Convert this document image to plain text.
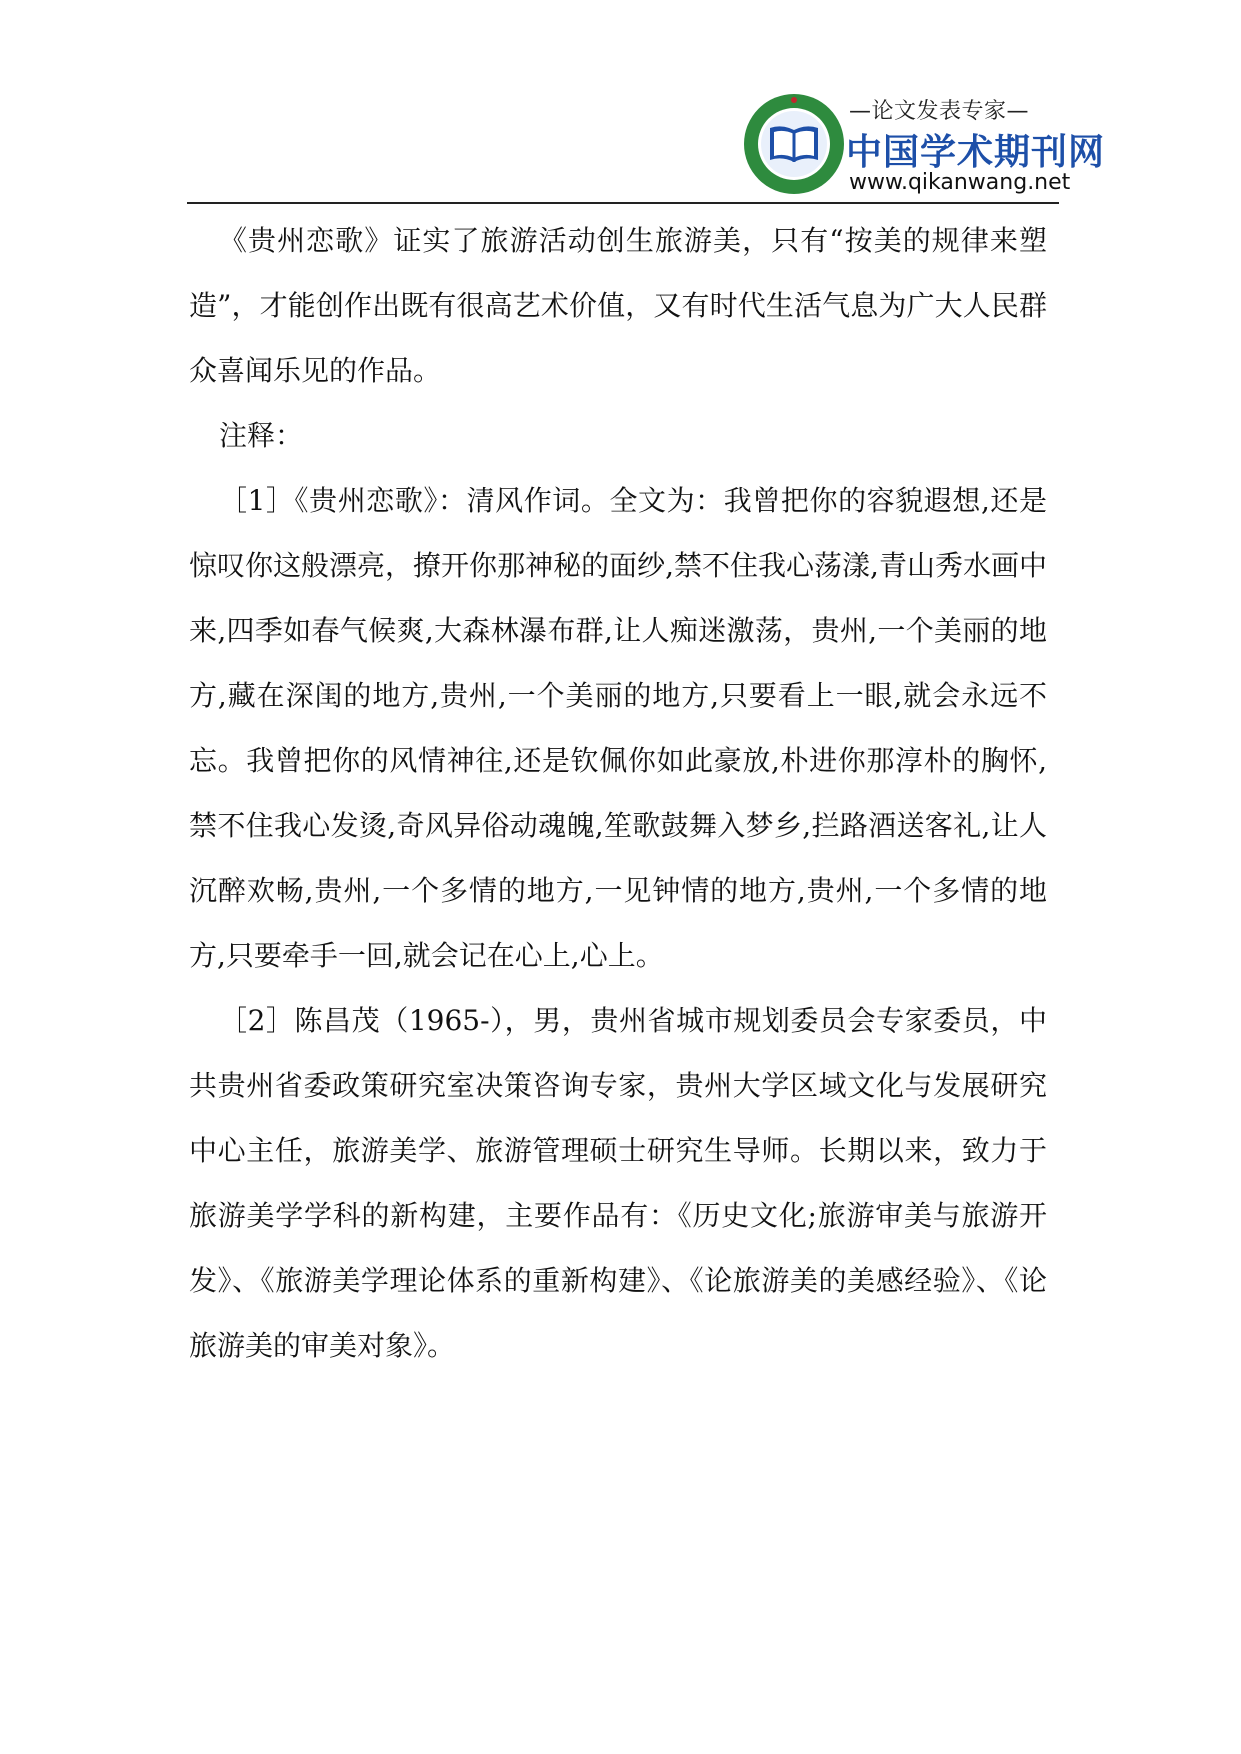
—论文发表专家—
中国学术期刊网
www.qikanwang.net

《贵州恋歌》证实了旅游活动创生旅游美，只有“按美的规律来塑造”，才能创作出既有很高艺术价值，又有时代生活气息为广大人民群众喜闻乐见的作品。

注释：

［1］《贵州恋歌》：清风作词。全文为：我曾把你的容貌遐想,还是惊叹你这般漂亮，撩开你那神秘的面纱,禁不住我心荡漾,青山秀水画中来,四季如春气候爽,大森林瀑布群,让人痴迷激荡，贵州,一个美丽的地方,藏在深闺的地方,贵州,一个美丽的地方,只要看上一眼,就会永远不忘。我曾把你的风情神往,还是钦佩你如此豪放,朴进你那淳朴的胸怀,禁不住我心发烫,奇风异俗动魂魄,笙歌鼓舞入梦乡,拦路酒送客礼,让人沉醉欢畅,贵州,一个多情的地方,一见钟情的地方,贵州,一个多情的地方,只要牵手一回,就会记在心上,心上。

［2］陈昌茂（1965-），男，贵州省城市规划委员会专家委员，中共贵州省委政策研究室决策咨询专家，贵州大学区域文化与发展研究中心主任，旅游美学、旅游管理硕士研究生导师。长期以来，致力于旅游美学学科的新构建，主要作品有：《历史文化;旅游审美与旅游开发》、《旅游美学理论体系的重新构建》、《论旅游美的美感经验》、《论旅游美的审美对象》。
